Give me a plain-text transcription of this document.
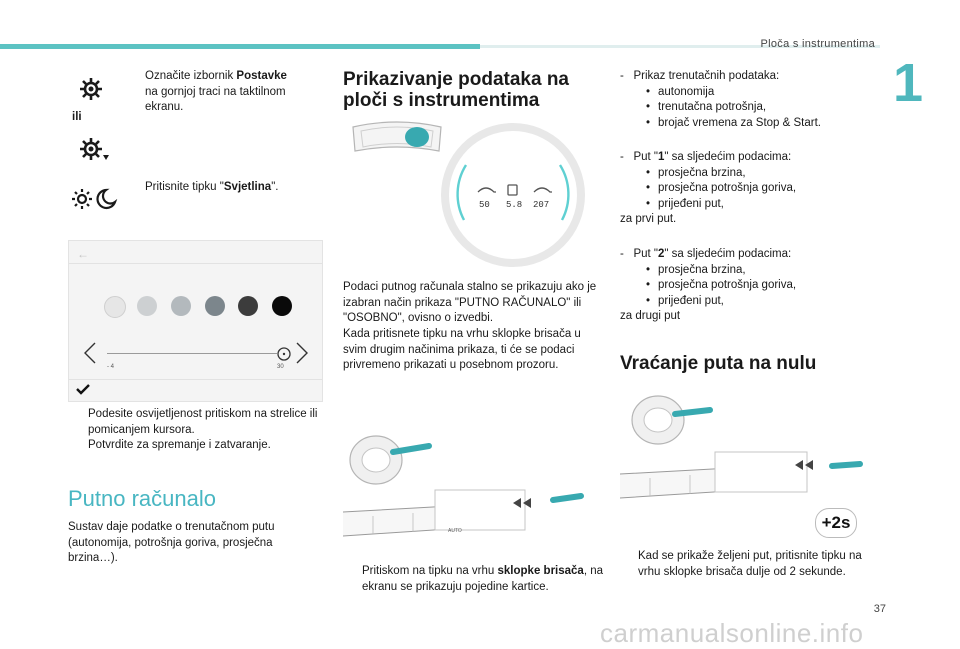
Ploča s instrumentima
1
ili
Označite izbornik Postavke
na gornjoj traci na taktilnom ekranu.
Pritisnite tipku "Svjetlina".
←
- 4	30
Podesite osvijetljenost pritiskom na strelice ili pomicanjem kursora.
Potvrdite za spremanje i zatvaranje.
Putno računalo
Sustav daje podatke o trenutačnom putu (autonomija, potrošnja goriva, prosječna brzina…).
Prikazivanje podataka na
ploči s instrumentima
50 5.8 207
Podaci putnog računala stalno se prikazuju ako je izabran način prikaza "PUTNO RAČUNALO" ili "OSOBNO", ovisno o izvedbi.
Kada pritisnete tipku na vrhu sklopke brisača u svim drugim načinima prikaza, ti će se podaci privremeno prikazati u posebnom prozoru.
AUTO
Pritiskom na tipku na vrhu sklopke brisača, na ekranu se prikazuju pojedine kartice.
- Prikaz trenutačnih podataka:
• autonomija
• trenutačna potrošnja,
• brojač vremena za Stop & Start.
- Put "1" sa sljedećim podacima:
• prosječna brzina,
• prosječna potrošnja goriva,
• prijeđeni put,
za prvi put.
- Put "2" sa sljedećim podacima:
• prosječna brzina,
• prosječna potrošnja goriva,
• prijeđeni put,
za drugi put
Vraćanje puta na nulu
+2s
Kad se prikaže željeni put, pritisnite tipku na vrhu sklopke brisača dulje od 2 sekunde.
37
carmanualsonline.info
